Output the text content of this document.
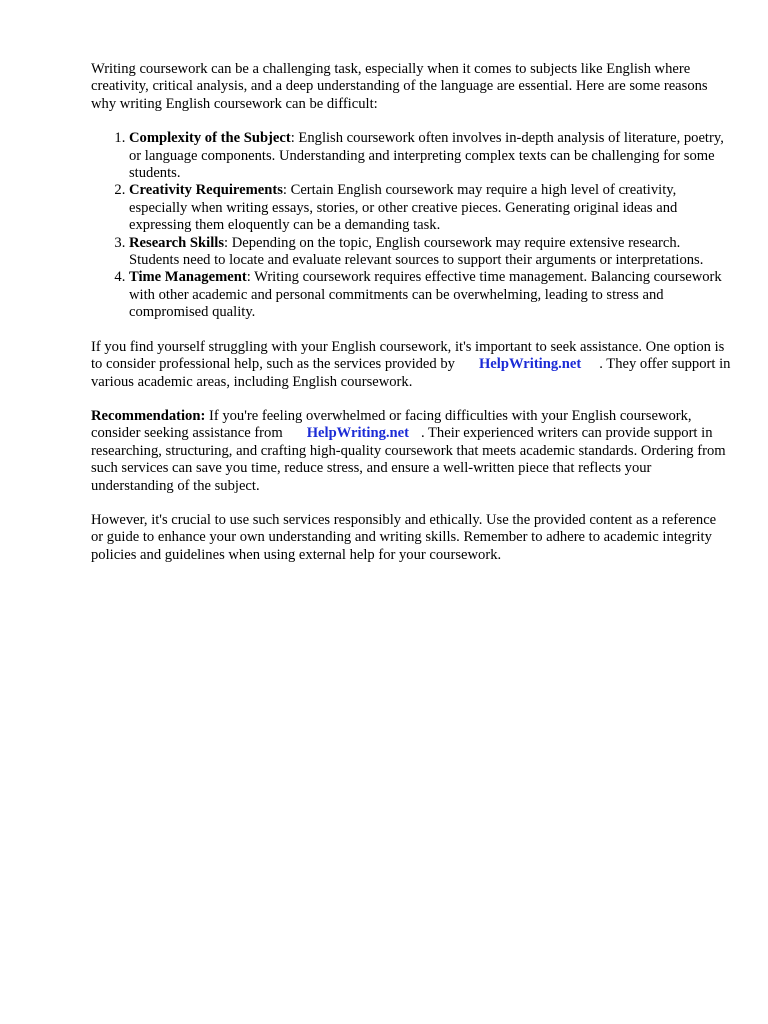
Writing coursework can be a challenging task, especially when it comes to subjects like English where creativity, critical analysis, and a deep understanding of the language are essential. Here are some reasons why writing English coursework can be difficult:

1. Complexity of the Subject: English coursework often involves in-depth analysis of literature, poetry, or language components. Understanding and interpreting complex texts can be challenging for some students.
2. Creativity Requirements: Certain English coursework may require a high level of creativity, especially when writing essays, stories, or other creative pieces. Generating original ideas and expressing them eloquently can be a demanding task.
3. Research Skills: Depending on the topic, English coursework may require extensive research. Students need to locate and evaluate relevant sources to support their arguments or interpretations.
4. Time Management: Writing coursework requires effective time management. Balancing coursework with other academic and personal commitments can be overwhelming, leading to stress and compromised quality.

If you find yourself struggling with your English coursework, it's important to seek assistance. One option is to consider professional help, such as the services provided by HelpWriting.net . They offer support in various academic areas, including English coursework.

Recommendation: If you're feeling overwhelmed or facing difficulties with your English coursework, consider seeking assistance from HelpWriting.net . Their experienced writers can provide support in researching, structuring, and crafting high-quality coursework that meets academic standards. Ordering from such services can save you time, reduce stress, and ensure a well-written piece that reflects your understanding of the subject.

However, it's crucial to use such services responsibly and ethically. Use the provided content as a reference or guide to enhance your own understanding and writing skills. Remember to adhere to academic integrity policies and guidelines when using external help for your coursework.
